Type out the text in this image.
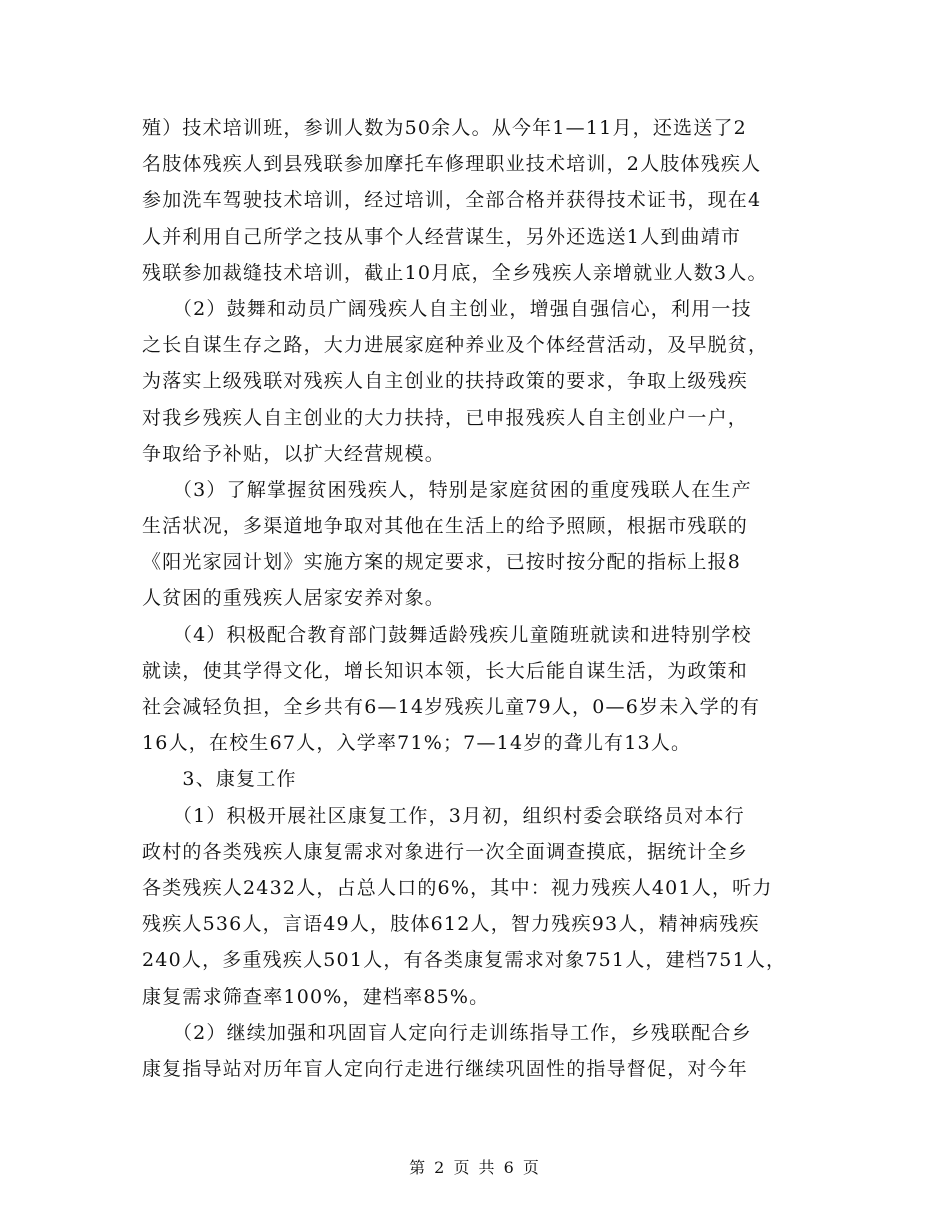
殖）技术培训班，参训人数为50余人。从今年1—11月，还选送了2
名肢体残疾人到县残联参加摩托车修理职业技术培训，2人肢体残疾人
参加洗车驾驶技术培训，经过培训，全部合格并获得技术证书，现在4
人并利用自己所学之技从事个人经营谋生，另外还选送1人到曲靖市
残联参加裁缝技术培训，截止10月底，全乡残疾人亲增就业人数3人。
　　（2）鼓舞和动员广阔残疾人自主创业，增强自强信心，利用一技
之长自谋生存之路，大力进展家庭种养业及个体经营活动，及早脱贫，
为落实上级残联对残疾人自主创业的扶持政策的要求，争取上级残疾
对我乡残疾人自主创业的大力扶持，已申报残疾人自主创业户一户，
争取给予补贴，以扩大经营规模。
　　（3）了解掌握贫困残疾人，特别是家庭贫困的重度残联人在生产
生活状况，多渠道地争取对其他在生活上的给予照顾，根据市残联的
《阳光家园计划》实施方案的规定要求，已按时按分配的指标上报8
人贫困的重残疾人居家安养对象。
　　（4）积极配合教育部门鼓舞适龄残疾儿童随班就读和进特别学校
就读，使其学得文化，增长知识本领，长大后能自谋生活，为政策和
社会减轻负担，全乡共有6—14岁残疾儿童79人，0—6岁未入学的有
16人，在校生67人，入学率71%；7—14岁的聋儿有13人。
　　3、康复工作
　　（1）积极开展社区康复工作，3月初，组织村委会联络员对本行
政村的各类残疾人康复需求对象进行一次全面调查摸底，据统计全乡
各类残疾人2432人，占总人口的6%，其中：视力残疾人401人，听力
残疾人536人，言语49人，肢体612人，智力残疾93人，精神病残疾
240人，多重残疾人501人，有各类康复需求对象751人，建档751人，
康复需求筛查率100%，建档率85%。
　　（2）继续加强和巩固盲人定向行走训练指导工作，乡残联配合乡
康复指导站对历年盲人定向行走进行继续巩固性的指导督促，对今年
第 2 页 共 6 页
